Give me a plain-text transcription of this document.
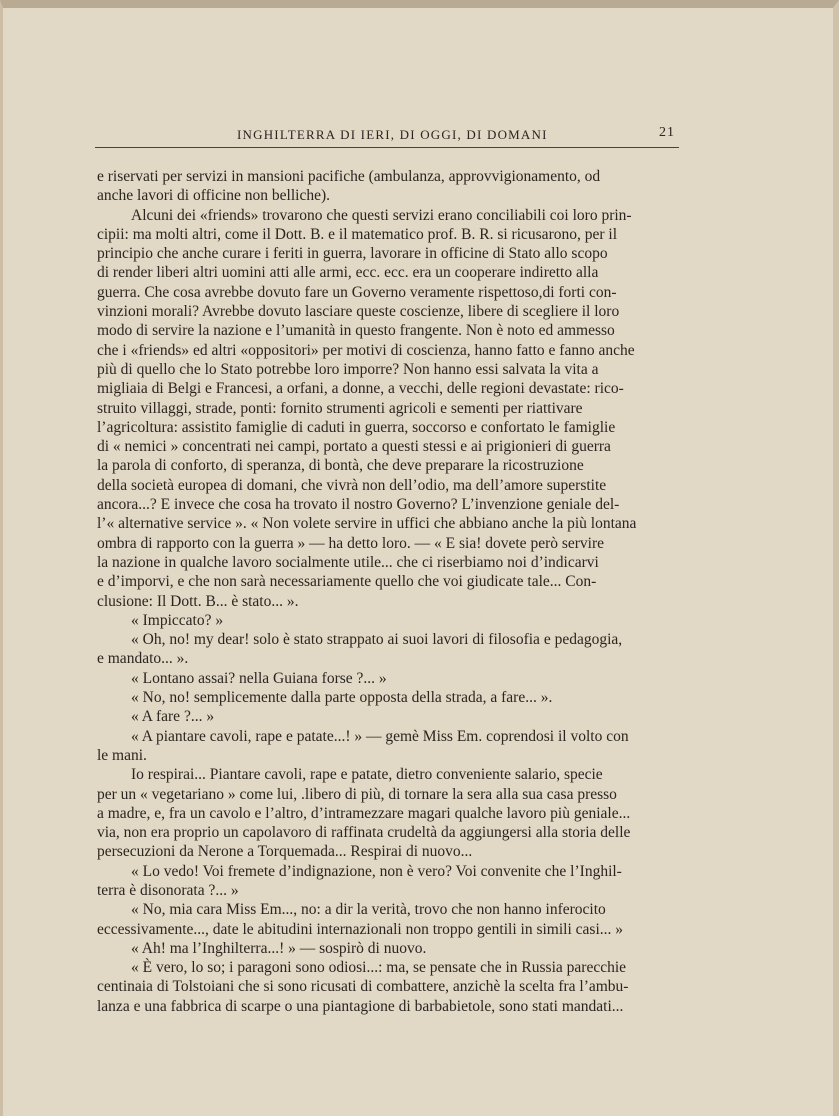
INGHILTERRA DI IERI, DI OGGI, DI DOMANI	21
e riservati per servizi in mansioni pacifiche (ambulanza, approvvigionamento, od
anche lavori di officine non belliche).
Alcuni dei «friends» trovarono che questi servizi erano conciliabili coi loro prin-
cipii: ma molti altri, come il Dott. B. e il matematico prof. B. R. si ricusarono, per il
principio che anche curare i feriti in guerra, lavorare in officine di Stato allo scopo
di render liberi altri uomini atti alle armi, ecc. ecc. era un cooperare indiretto alla
guerra. Che cosa avrebbe dovuto fare un Governo veramente rispettoso,di forti con-
vinzioni morali? Avrebbe dovuto lasciare queste coscienze, libere di scegliere il loro
modo di servire la nazione e l’umanità in questo frangente. Non è noto ed ammesso
che i «friends» ed altri «oppositori» per motivi di coscienza, hanno fatto e fanno anche
più di quello che lo Stato potrebbe loro imporre? Non hanno essi salvata la vita a
migliaia di Belgi e Francesi, a orfani, a donne, a vecchi, delle regioni devastate: rico-
struito villaggi, strade, ponti: fornito strumenti agricoli e sementi per riattivare
l’agricoltura: assistito famiglie di caduti in guerra, soccorso e confortato le famiglie
di « nemici » concentrati nei campi, portato a questi stessi e ai prigionieri di guerra
la parola di conforto, di speranza, di bontà, che deve preparare la ricostruzione
della società europea di domani, che vivrà non dell’odio, ma dell’amore superstite
ancora...? E invece che cosa ha trovato il nostro Governo? L’invenzione geniale del-
l’« alternative service ». « Non volete servire in uffici che abbiano anche la più lontana
ombra di rapporto con la guerra » — ha detto loro. — « E sia! dovete però servire
la nazione in qualche lavoro socialmente utile... che ci riserbiamo noi d’indicarvi
e d’imporvi, e che non sarà necessariamente quello che voi giudicate tale... Con-
clusione: Il Dott. B... è stato... ».
« Impiccato? »
« Oh, no! my dear! solo è stato strappato ai suoi lavori di filosofia e pedagogia,
e mandato... ».
« Lontano assai? nella Guiana forse ?... »
« No, no! semplicemente dalla parte opposta della strada, a fare... ».
« A fare ?... »
« A piantare cavoli, rape e patate...! » — gemè Miss Em. coprendosi il volto con
le mani.
Io respirai... Piantare cavoli, rape e patate, dietro conveniente salario, specie
per un « vegetariano » come lui, .libero di più, di tornare la sera alla sua casa presso
a madre, e, fra un cavolo e l’altro, d’intramezzare magari qualche lavoro più geniale...
via, non era proprio un capolavoro di raffinata crudeltà da aggiungersi alla storia delle
persecuzioni da Nerone a Torquemada... Respirai di nuovo...
« Lo vedo! Voi fremete d’indignazione, non è vero? Voi convenite che l’Inghil-
terra è disonorata ?... »
« No, mia cara Miss Em..., no: a dir la verità, trovo che non hanno inferocito
eccessivamente..., date le abitudini internazionali non troppo gentili in simili casi... »
« Ah! ma l’Inghilterra...! » — sospirò di nuovo.
« È vero, lo so; i paragoni sono odiosi...: ma, se pensate che in Russia parecchie
centinaia di Tolstoiani che si sono ricusati di combattere, anzichè la scelta fra l’ambu-
lanza e una fabbrica di scarpe o una piantagione di barbabietole, sono stati mandati...
